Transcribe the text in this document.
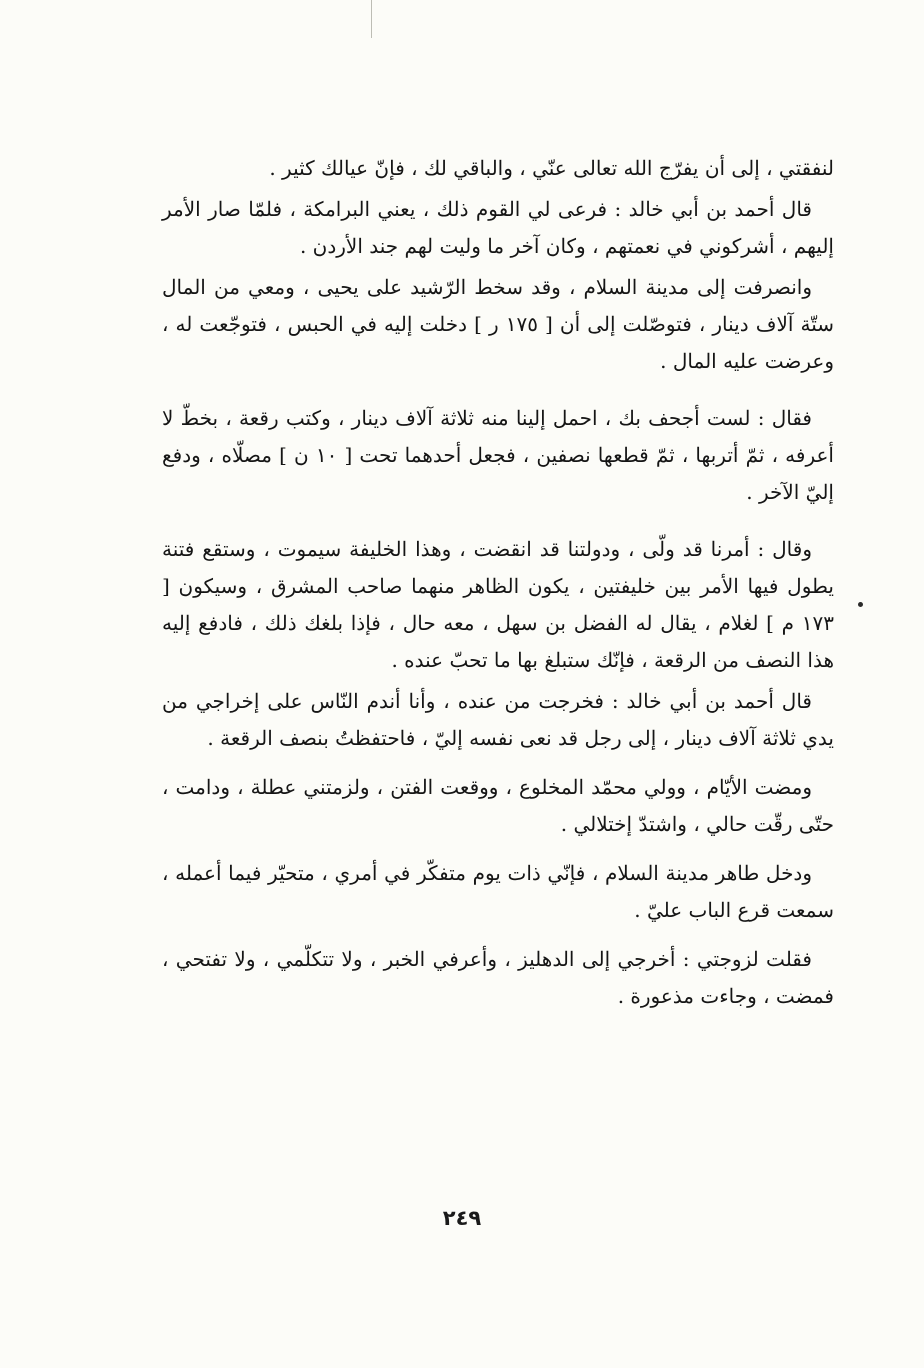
لنفقتي ، إلى أن يفرّج الله تعالى عنّي ، والباقي لك ، فإنّ عيالك كثير .

قال أحمد بن أبي خالد : فرعى لي القوم ذلك ، يعني البرامكة ، فلمّا صار الأمر إليهم ، أشركوني في نعمتهم ، وكان آخر ما وليت لهم جند الأردن .

وانصرفت إلى مدينة السلام ، وقد سخط الرّشيد على يحيى ، ومعي من المال ستّة آلاف دينار ، فتوصّلت إلى أن [ ١٧٥ ر ] دخلت إليه في الحبس ، فتوجّعت له ، وعرضت عليه المال .

فقال : لست أجحف بك ، احمل إلينا منه ثلاثة آلاف دينار ، وكتب رقعة ، بخطّ لا أعرفه ، ثمّ أتربها ، ثمّ قطعها نصفين ، فجعل أحدهما تحت [ ١٠ ن ] مصلّاه ، ودفع إليّ الآخر .

وقال : أمرنا قد ولّى ، ودولتنا قد انقضت ، وهذا الخليفة سيموت ، وستقع فتنة يطول فيها الأمر بين خليفتين ، يكون الظاهر منهما صاحب المشرق ، وسيكون [ ١٧٣ م ] لغلام ، يقال له الفضل بن سهل ، معه حال ، فإذا بلغك ذلك ، فادفع إليه هذا النصف من الرقعة ، فإنّك ستبلغ بها ما تحبّ عنده .

قال أحمد بن أبي خالد : فخرجت من عنده ، وأنا أندم النّاس على إخراجي من يدي ثلاثة آلاف دينار ، إلى رجل قد نعى نفسه إليّ ، فاحتفظتُ بنصف الرقعة .

ومضت الأيّام ، وولي محمّد المخلوع ، ووقعت الفتن ، ولزمتني عطلة ، ودامت ، حتّى رقّت حالي ، واشتدّ إختلالي .

ودخل طاهر مدينة السلام ، فإنّي ذات يوم متفكّر في أمري ، متحيّر فيما أعمله ، سمعت قرع الباب عليّ .

فقلت لزوجتي : أخرجي إلى الدهليز ، وأعرفي الخبر ، ولا تتكلّمي ، ولا تفتحي ، فمضت ، وجاءت مذعورة .

٢٤٩
